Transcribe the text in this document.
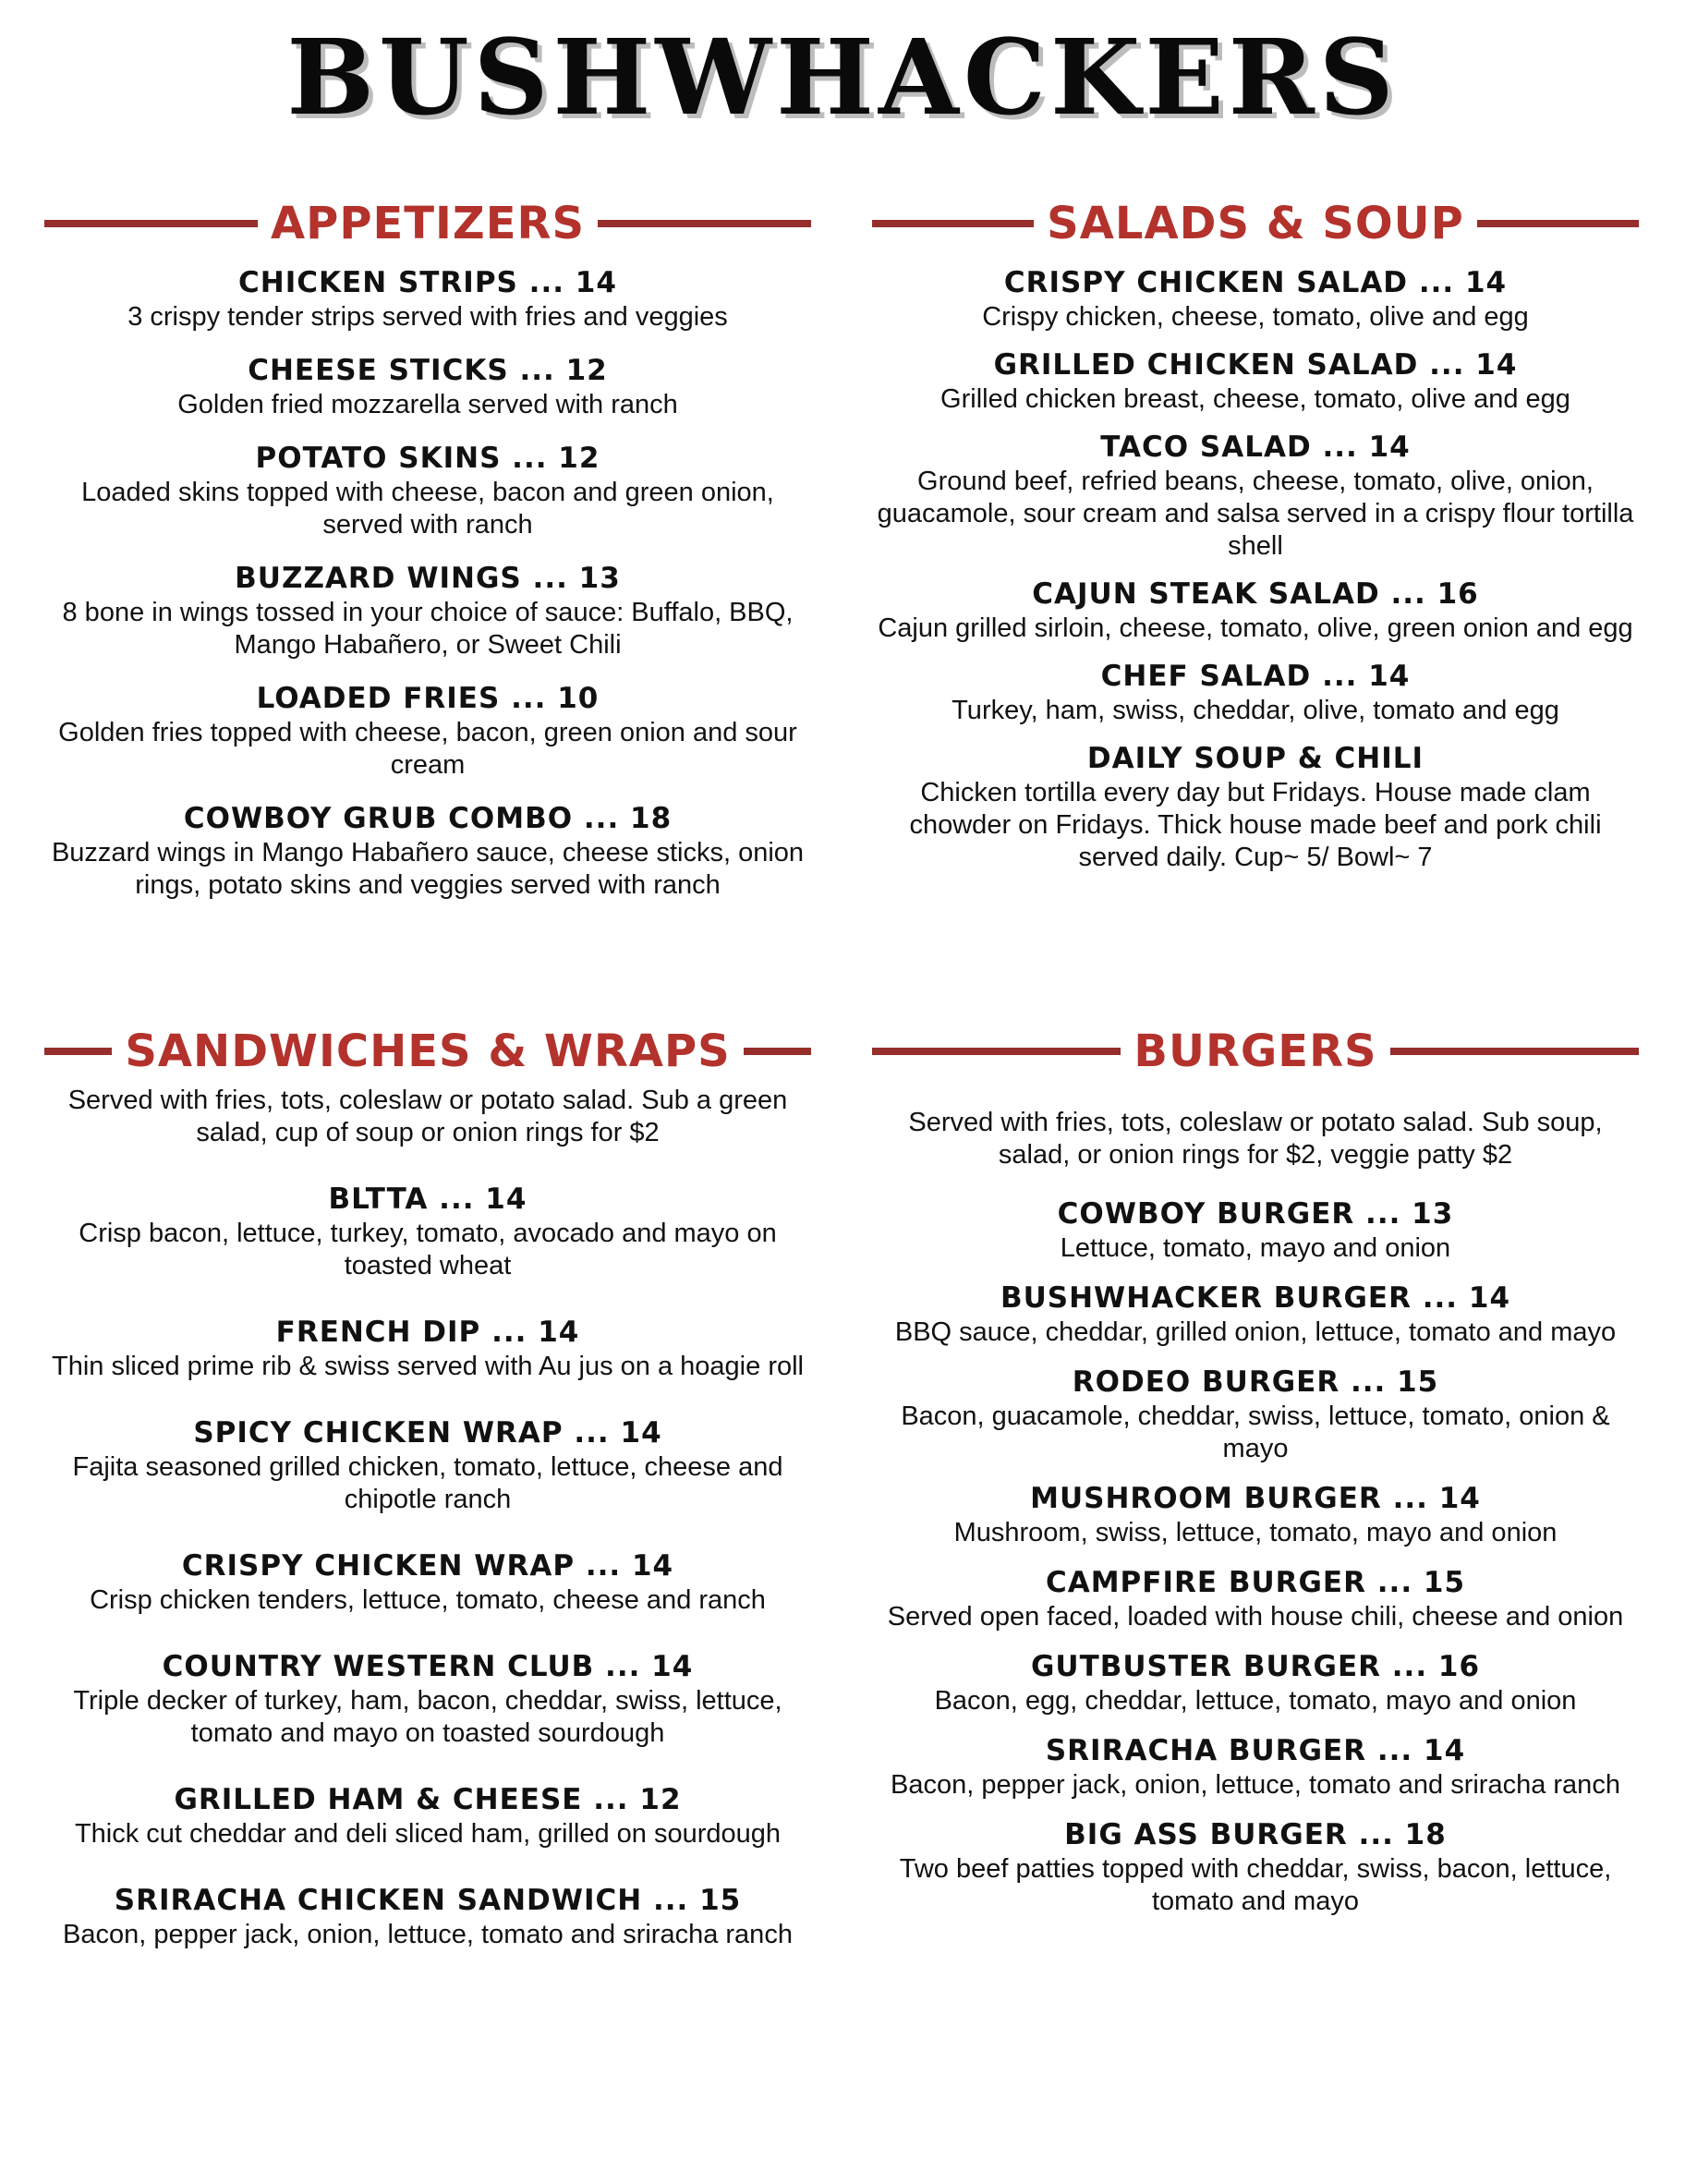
BUSHWHACKERS
APPETIZERS
CHICKEN STRIPS ... 14
3 crispy tender strips served with fries and veggies
CHEESE STICKS ... 12
Golden fried mozzarella served with ranch
POTATO SKINS ... 12
Loaded skins topped with cheese, bacon and green onion, served with ranch
BUZZARD WINGS ... 13
8 bone in wings tossed in your choice of sauce: Buffalo, BBQ, Mango Habañero, or Sweet Chili
LOADED FRIES ... 10
Golden fries topped with cheese, bacon, green onion and sour cream
COWBOY GRUB COMBO ... 18
Buzzard wings in Mango Habañero sauce, cheese sticks, onion rings, potato skins and veggies served with ranch
SALADS & SOUP
CRISPY CHICKEN SALAD ... 14
Crispy chicken, cheese, tomato, olive and egg
GRILLED CHICKEN SALAD ... 14
Grilled chicken breast, cheese, tomato, olive and egg
TACO SALAD ... 14
Ground beef, refried beans, cheese, tomato, olive, onion, guacamole, sour cream and salsa served in a crispy flour tortilla shell
CAJUN STEAK SALAD ... 16
Cajun grilled sirloin, cheese, tomato, olive, green onion and egg
CHEF SALAD ... 14
Turkey, ham, swiss, cheddar, olive, tomato and egg
DAILY SOUP & CHILI
Chicken tortilla every day but Fridays. House made clam chowder on Fridays. Thick house made beef and pork chili served daily. Cup~ 5/ Bowl~ 7
SANDWICHES & WRAPS
Served with fries, tots, coleslaw or potato salad. Sub a green salad, cup of soup or onion rings for $2
BLTTA ... 14
Crisp bacon, lettuce, turkey, tomato, avocado and mayo on toasted wheat
FRENCH DIP ... 14
Thin sliced prime rib & swiss served with Au jus on a hoagie roll
SPICY CHICKEN WRAP ... 14
Fajita seasoned grilled chicken, tomato, lettuce, cheese and chipotle ranch
CRISPY CHICKEN WRAP ... 14
Crisp chicken tenders, lettuce, tomato, cheese and ranch
COUNTRY WESTERN CLUB ... 14
Triple decker of turkey, ham, bacon, cheddar, swiss, lettuce, tomato and mayo on toasted sourdough
GRILLED HAM & CHEESE ... 12
Thick cut cheddar and deli sliced ham, grilled on sourdough
SRIRACHA CHICKEN SANDWICH ... 15
Bacon, pepper jack, onion, lettuce, tomato and sriracha ranch
BURGERS
Served with fries, tots, coleslaw or potato salad. Sub soup, salad, or onion rings for $2, veggie patty $2
COWBOY BURGER ... 13
Lettuce, tomato, mayo and onion
BUSHWHACKER BURGER ... 14
BBQ sauce, cheddar, grilled onion, lettuce, tomato and mayo
RODEO BURGER ... 15
Bacon, guacamole, cheddar, swiss, lettuce, tomato, onion & mayo
MUSHROOM BURGER ... 14
Mushroom, swiss, lettuce, tomato, mayo and onion
CAMPFIRE BURGER ... 15
Served open faced, loaded with house chili, cheese and onion
GUTBUSTER BURGER ... 16
Bacon, egg, cheddar, lettuce, tomato, mayo and onion
SRIRACHA BURGER ... 14
Bacon, pepper jack, onion, lettuce, tomato and sriracha ranch
BIG ASS BURGER ... 18
Two beef patties topped with cheddar, swiss, bacon, lettuce, tomato and mayo
